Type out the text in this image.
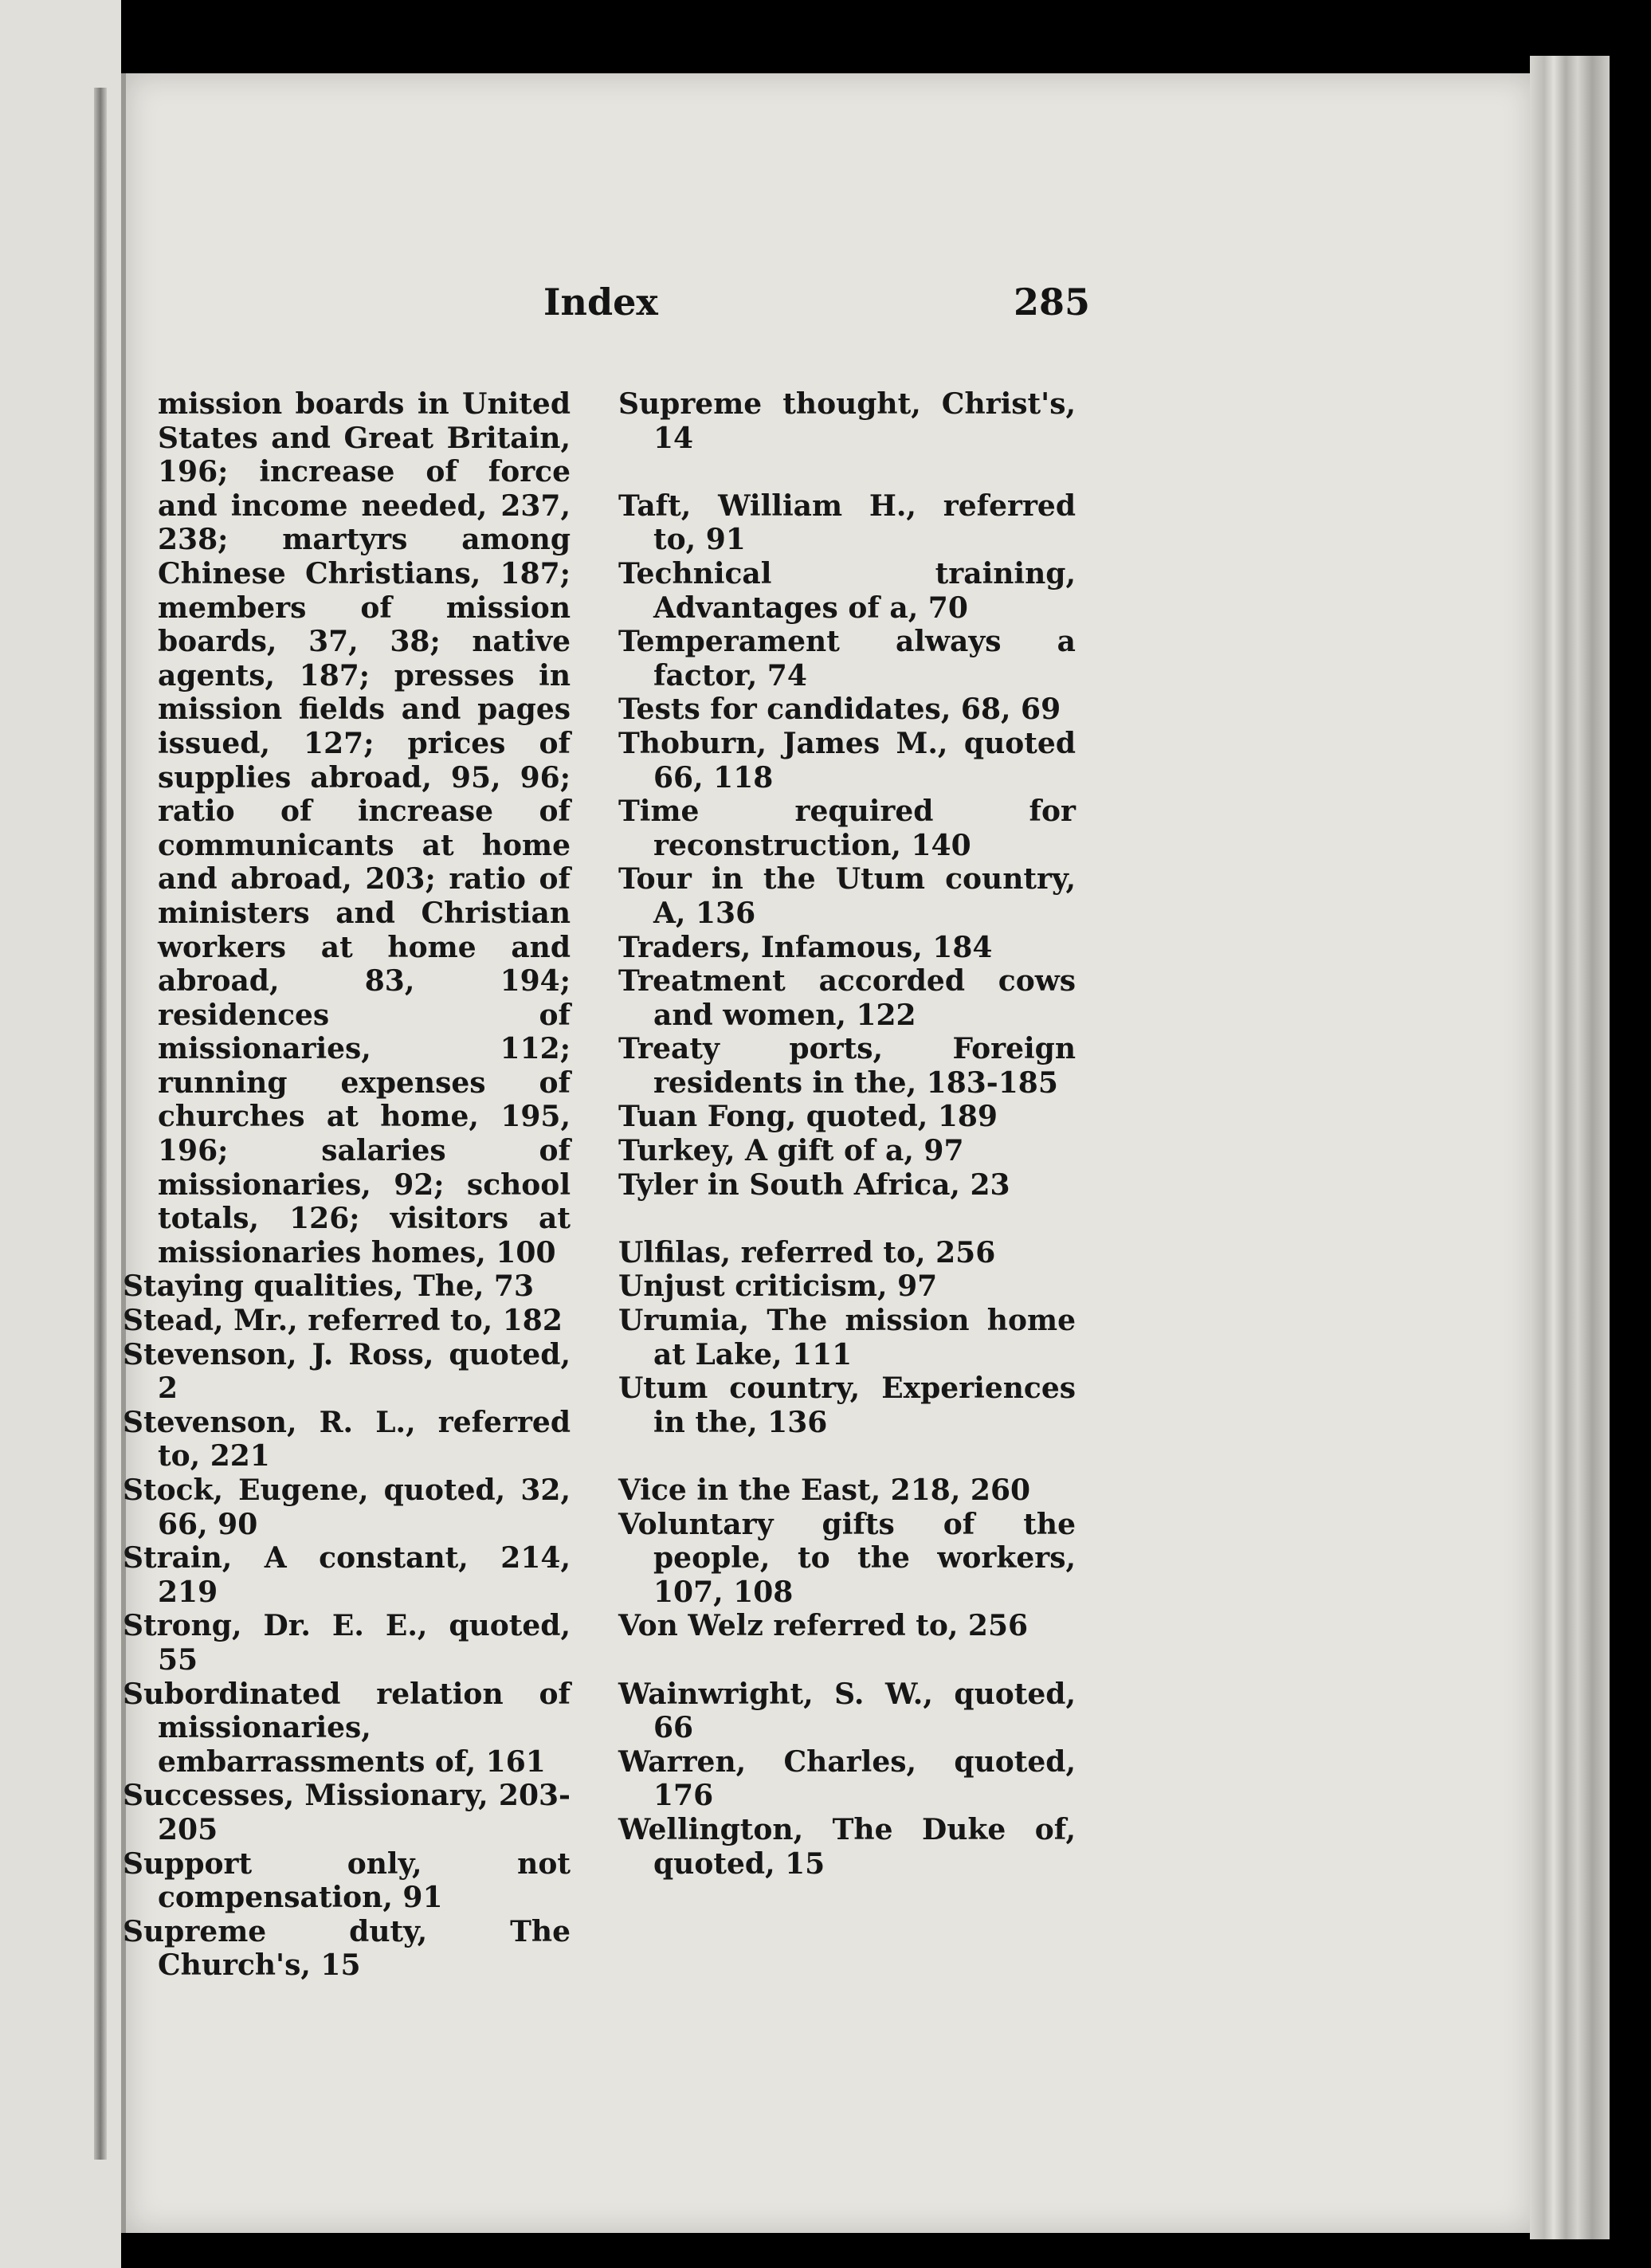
Index	285

mission boards in United States and Great Britain, 196; increase of force and income needed, 237, 238; martyrs among Chinese Christians, 187; members of mission boards, 37, 38; native agents, 187; presses in mission fields and pages issued, 127; prices of supplies abroad, 95, 96; ratio of increase of communicants at home and abroad, 203; ratio of ministers and Christian workers at home and abroad, 83, 194; residences of missionaries, 112; running expenses of churches at home, 195, 196; salaries of missionaries, 92; school totals, 126; visitors at missionaries homes, 100

Staying qualities, The, 73

Stead, Mr., referred to, 182

Stevenson, J. Ross, quoted, 2

Stevenson, R. L., referred to, 221

Stock, Eugene, quoted, 32, 66, 90

Strain, A constant, 214, 219

Strong, Dr. E. E., quoted, 55

Subordinated relation of missionaries, embarrassments of, 161

Successes, Missionary, 203-205

Support only, not compensation, 91

Supreme duty, The Church's, 15

Supreme thought, Christ's, 14

Taft, William H., referred to, 91

Technical training, Advantages of a, 70

Temperament always a factor, 74

Tests for candidates, 68, 69

Thoburn, James M., quoted 66, 118

Time required for reconstruction, 140

Tour in the Utum country, A, 136

Traders, Infamous, 184

Treatment accorded cows and women, 122

Treaty ports, Foreign residents in the, 183-185

Tuan Fong, quoted, 189

Turkey, A gift of a, 97

Tyler in South Africa, 23

Ulfilas, referred to, 256

Unjust criticism, 97

Urumia, The mission home at Lake, 111

Utum country, Experiences in the, 136

Vice in the East, 218, 260

Voluntary gifts of the people, to the workers, 107, 108

Von Welz referred to, 256

Wainwright, S. W., quoted, 66

Warren, Charles, quoted, 176

Wellington, The Duke of, quoted, 15
